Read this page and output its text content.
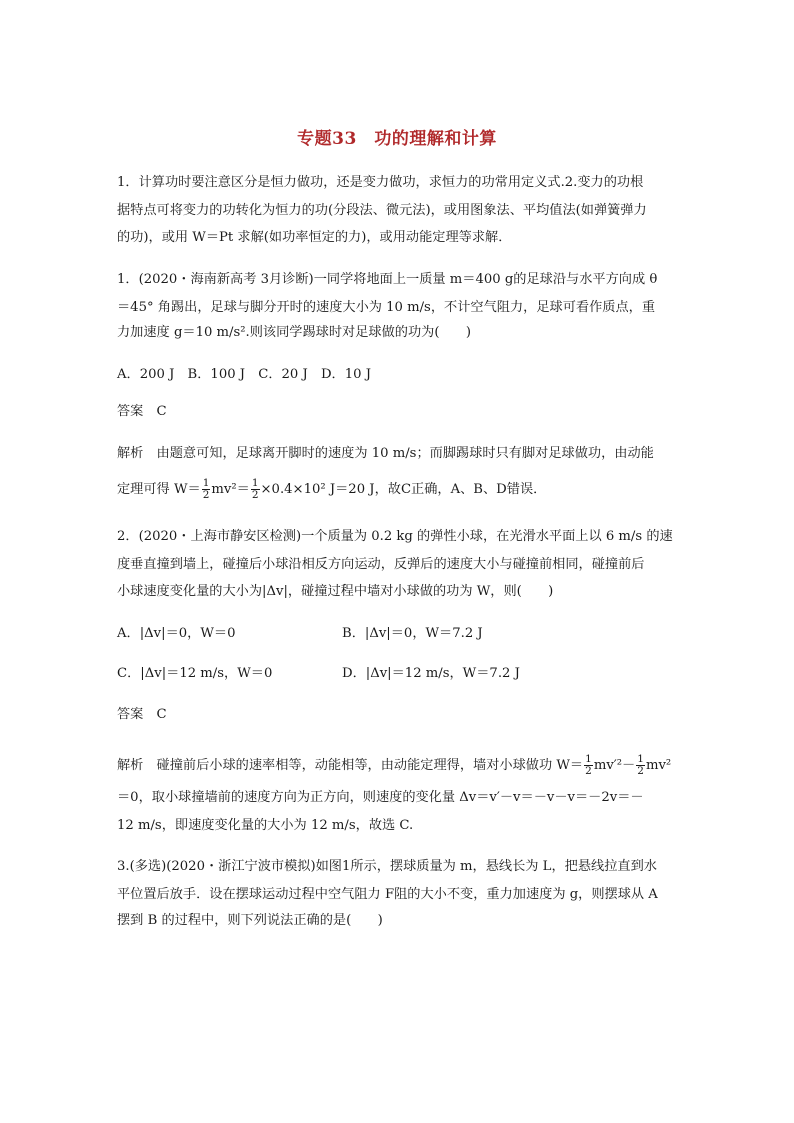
专题33　功的理解和计算
1．计算功时要注意区分是恒力做功，还是变力做功，求恒力的功常用定义式.2.变力的功根
据特点可将变力的功转化为恒力的功(分段法、微元法)，或用图象法、平均值法(如弹簧弹力
的功)，或用 W＝Pt 求解(如功率恒定的力)，或用动能定理等求解．
1．(2020・海南新高考 3月诊断)一同学将地面上一质量 m＝400 g的足球沿与水平方向成 θ
＝45° 角踢出，足球与脚分开时的速度大小为 10 m/s，不计空气阻力，足球可看作质点，重
力加速度 g＝10 m/s².则该同学踢球时对足球做的功为(　　)
A．200 J　B．100 J　C．20 J　D．10 J
答案　C
解析　由题意可知，足球离开脚时的速度为 10 m/s；而脚踢球时只有脚对足球做功，由动能
定理可得 $W= \frac{1}{2} mv^2= \frac{1}{2} \times 0.4\times 10^2$ J＝20 J，故C正确，A、B、D错误．
2．(2020・上海市静安区检测)一个质量为 0.2 kg 的弹性小球，在光滑水平面上以 6 m/s 的速
度垂直撞到墙上，碰撞后小球沿相反方向运动，反弹后的速度大小与碰撞前相同，碰撞前后
小球速度变化量的大小为|Δv|，碰撞过程中墙对小球做的功为 W，则(　　)
A．|Δv|＝0，W＝0	B．|Δv|＝0，W＝7.2 J
C．|Δv|＝12 m/s，W＝0	D．|Δv|＝12 m/s，W＝7.2 J
答案　C
解析　碰撞前后小球的速率相等，动能相等，由动能定理得，墙对小球做功 $W= \frac{1}{2} mv'^2- \frac{1}{2} mv^2$
＝0，取小球撞墙前的速度方向为正方向，则速度的变化量 Δv＝v′－v＝－v－v＝－2v＝－
12 m/s，即速度变化量的大小为 12 m/s，故选 C.
3.(多选)(2020・浙江宁波市模拟)如图1所示，摆球质量为 m，悬线长为 L，把悬线拉直到水
平位置后放手．设在摆球运动过程中空气阻力 F阻的大小不变，重力加速度为 g，则摆球从 A
摆到 B 的过程中，则下列说法正确的是(　　)
